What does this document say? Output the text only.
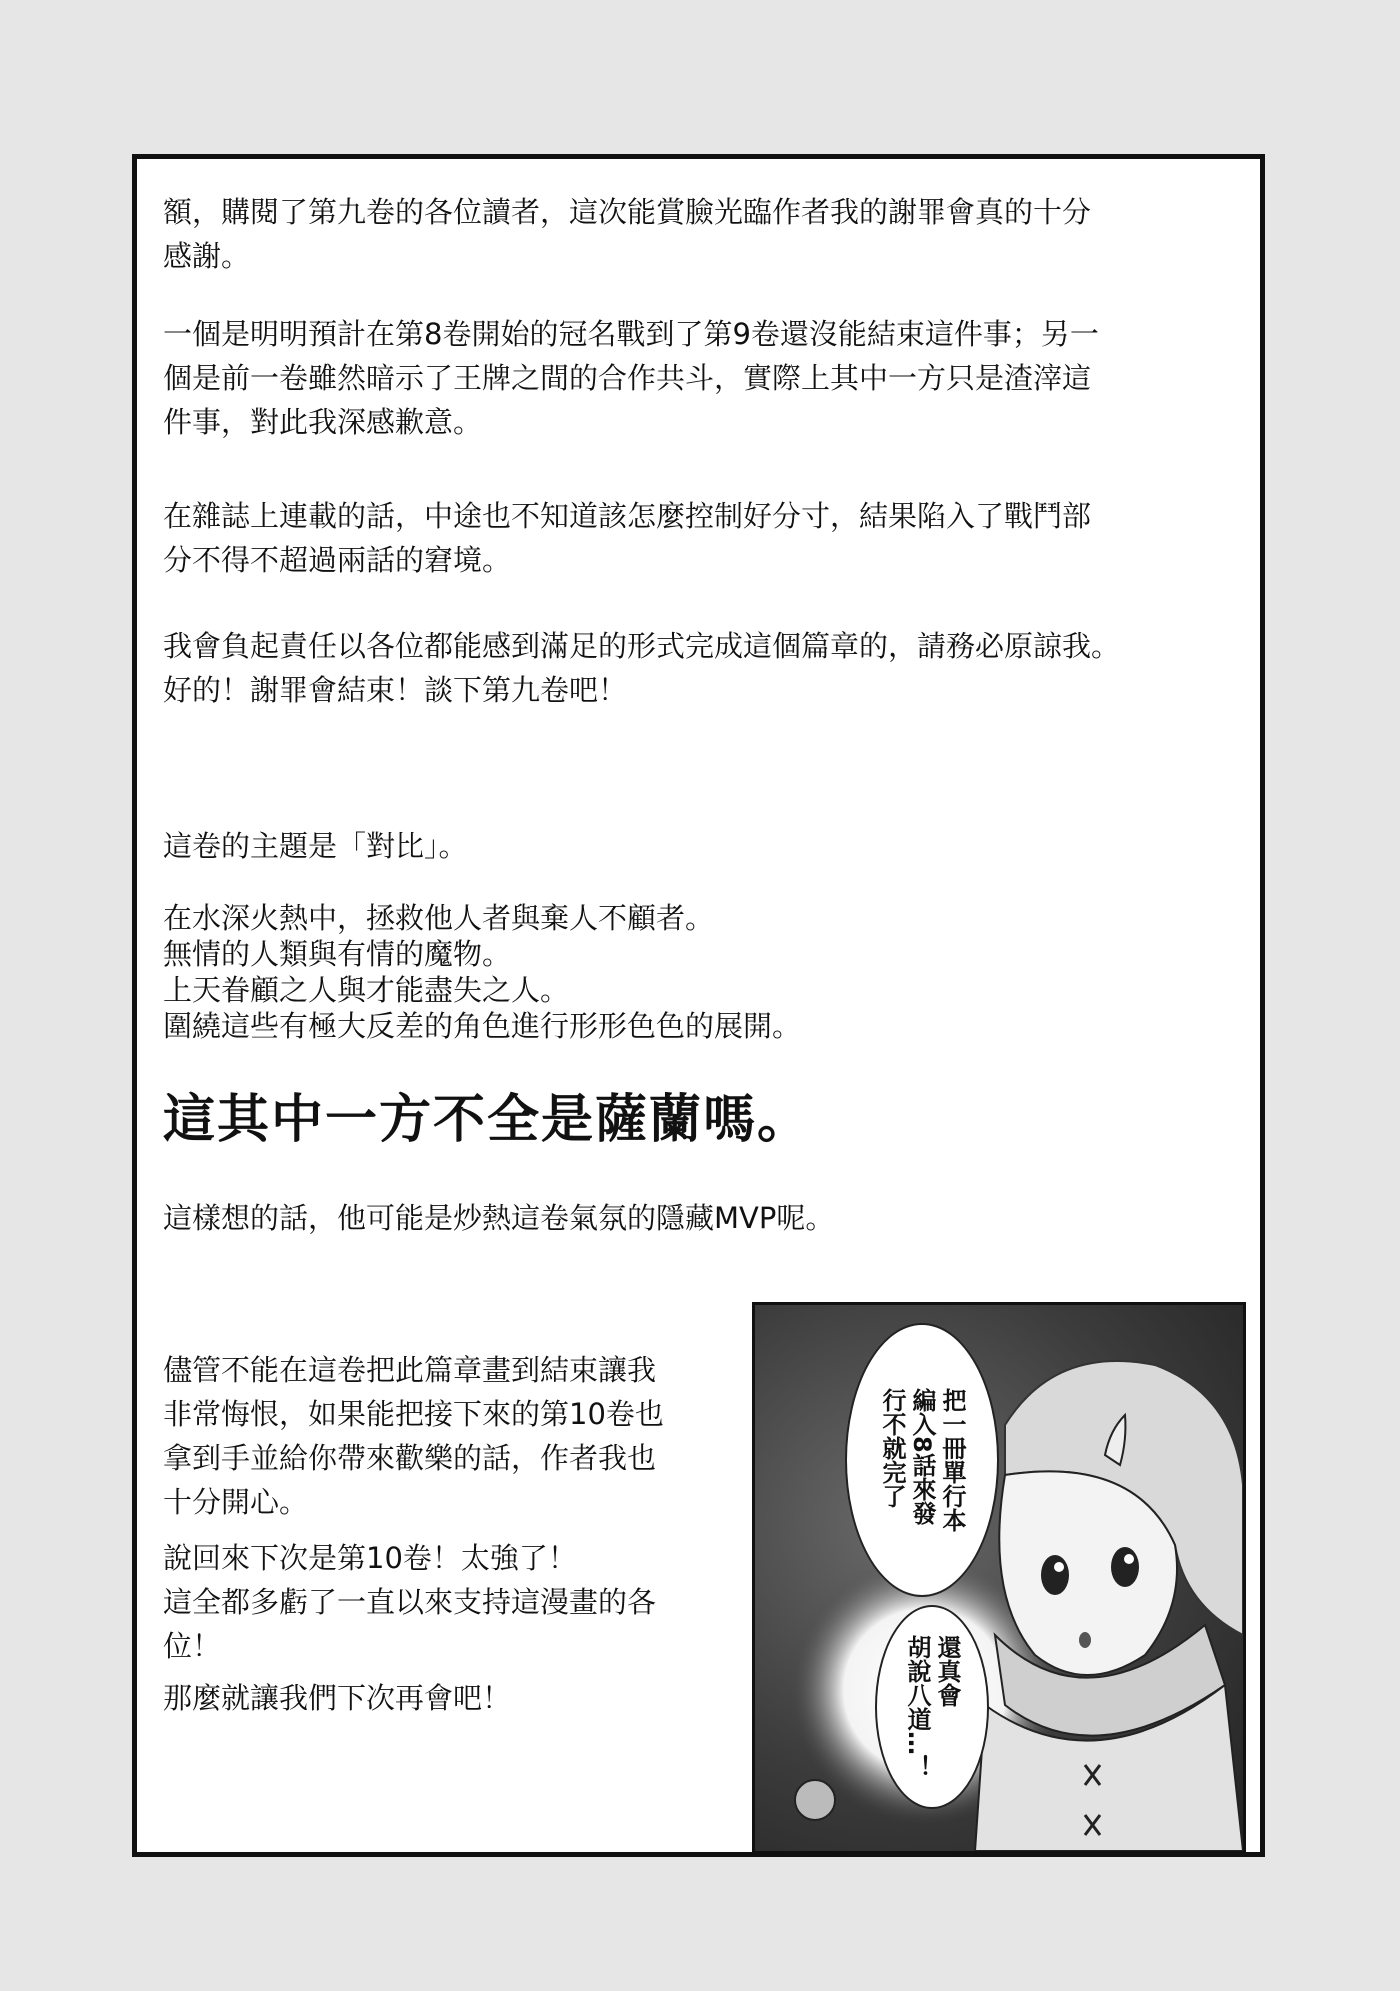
額，購閱了第九卷的各位讀者，這次能賞臉光臨作者我的謝罪會真的十分
感謝。

一個是明明預計在第8卷開始的冠名戰到了第9卷還沒能結束這件事；另一
個是前一卷雖然暗示了王牌之間的合作共斗，實際上其中一方只是渣滓這
件事，對此我深感歉意。

在雜誌上連載的話，中途也不知道該怎麼控制好分寸，結果陷入了戰鬥部
分不得不超過兩話的窘境。

我會負起責任以各位都能感到滿足的形式完成這個篇章的，請務必原諒我。
好的！謝罪會結束！談下第九卷吧！

這卷的主題是「對比」。

在水深火熱中，拯救他人者與棄人不顧者。
無情的人類與有情的魔物。
上天眷顧之人與才能盡失之人。
圍繞這些有極大反差的角色進行形形色色的展開。

這其中一方不全是薩蘭嗎。

這樣想的話，他可能是炒熱這卷氣氛的隱藏MVP呢。

儘管不能在這卷把此篇章畫到結束讓我
非常悔恨，如果能把接下來的第10卷也
拿到手並給你帶來歡樂的話，作者我也
十分開心。

說回來下次是第10卷！太強了！
這全都多虧了一直以來支持這漫畫的各
位！

那麼就讓我們下次再會吧！

把一冊單行本
編入8話來發
行不就完了
還真會
胡說八道…！
